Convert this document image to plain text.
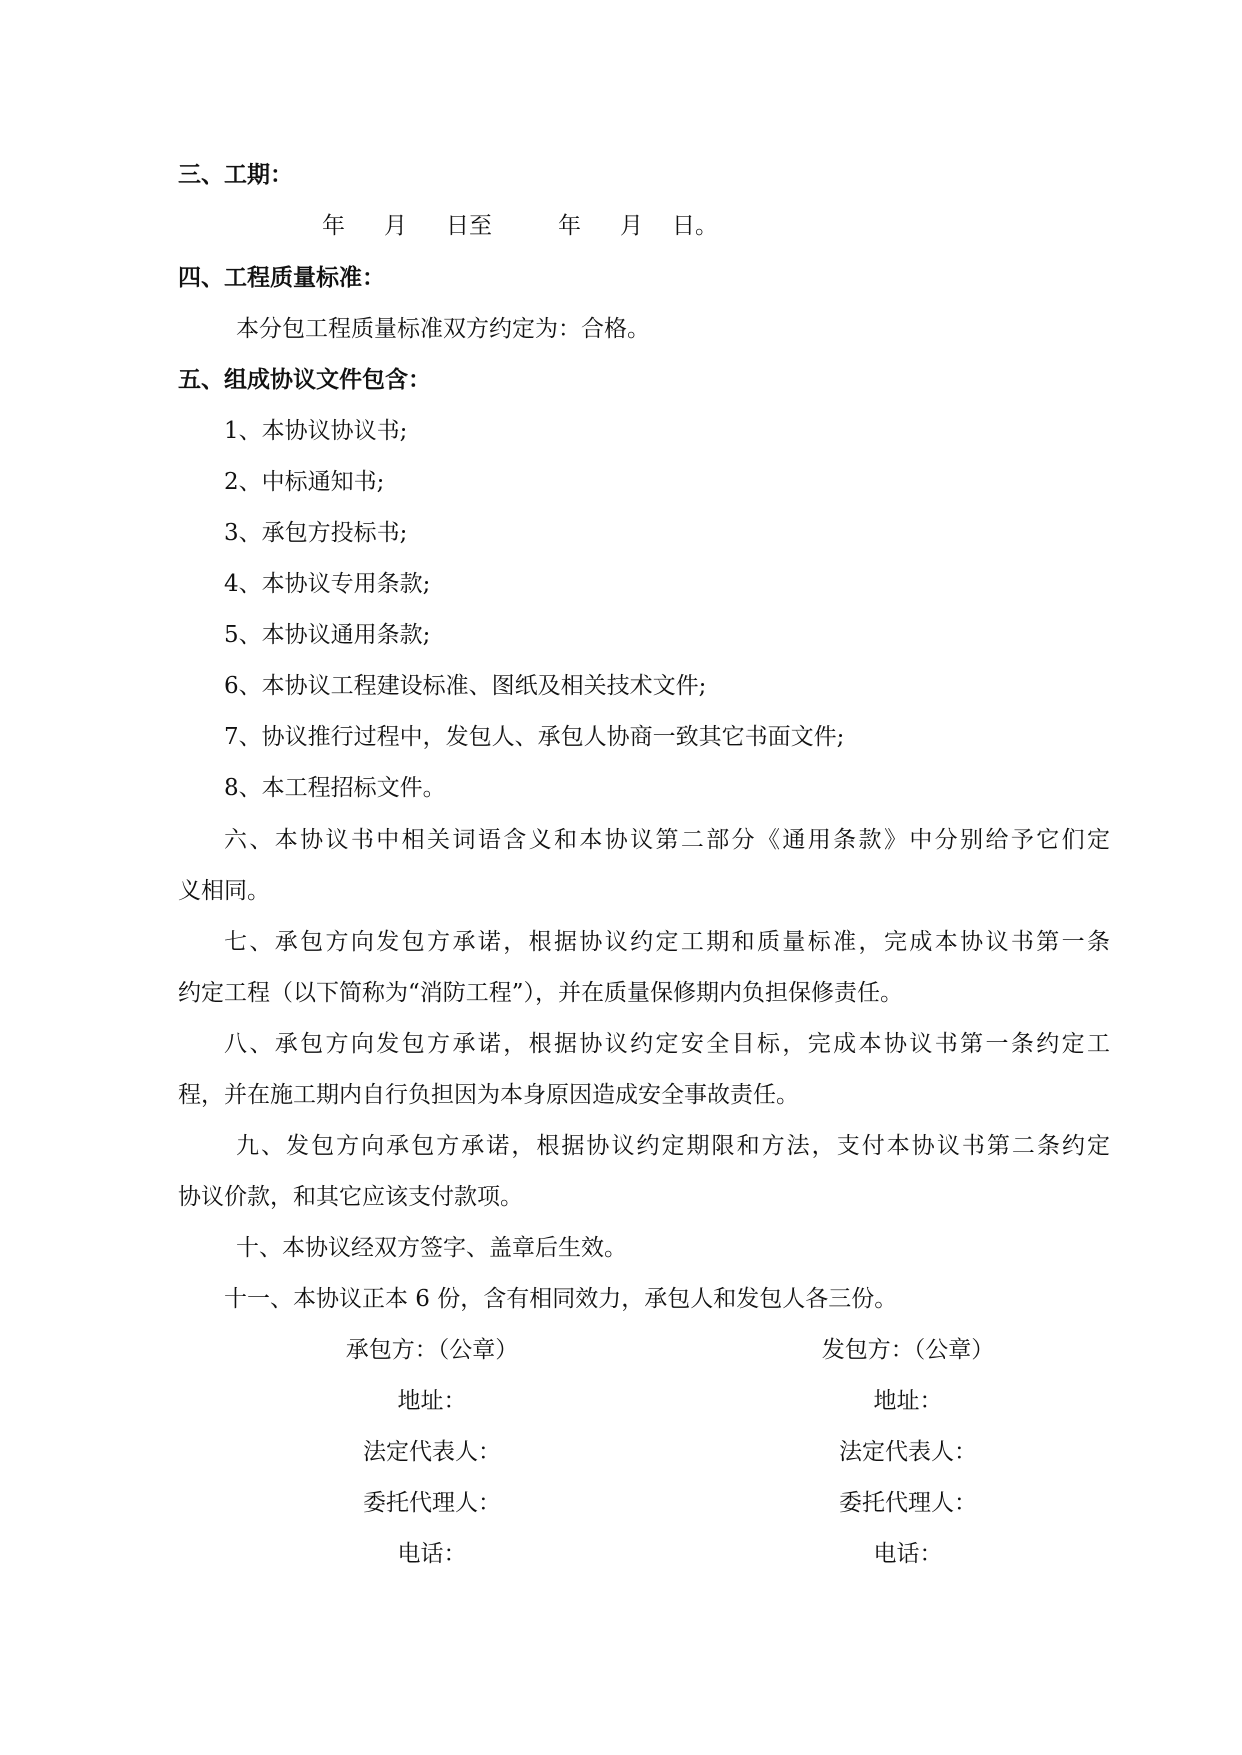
三、工期：
年 月 日至	年 月 日。
四、工程质量标准：
本分包工程质量标准双方约定为：合格。
五、组成协议文件包含：
1、本协议协议书;
2、中标通知书;
3、承包方投标书;
4、本协议专用条款;
5、本协议通用条款;
6、本协议工程建设标准、图纸及相关技术文件;
7、协议推行过程中，发包人、承包人协商一致其它书面文件;
8、本工程招标文件。
六、本协议书中相关词语含义和本协议第二部分《通用条款》中分别给予它们定
义相同。
七、承包方向发包方承诺，根据协议约定工期和质量标准，完成本协议书第一条
约定工程（以下简称为“消防工程”），并在质量保修期内负担保修责任。
八、承包方向发包方承诺，根据协议约定安全目标，完成本协议书第一条约定工
程，并在施工期内自行负担因为本身原因造成安全事故责任。
九、发包方向承包方承诺，根据协议约定期限和方法，支付本协议书第二条约定
协议价款，和其它应该支付款项。
十、本协议经双方签字、盖章后生效。
十一、本协议正本 6 份，含有相同效力，承包人和发包人各三份。
承包方：（公章）
地址：
法定代表人：
委托代理人：
电话：
发包方：（公章）
地址：
法定代表人：
委托代理人：
电话：
